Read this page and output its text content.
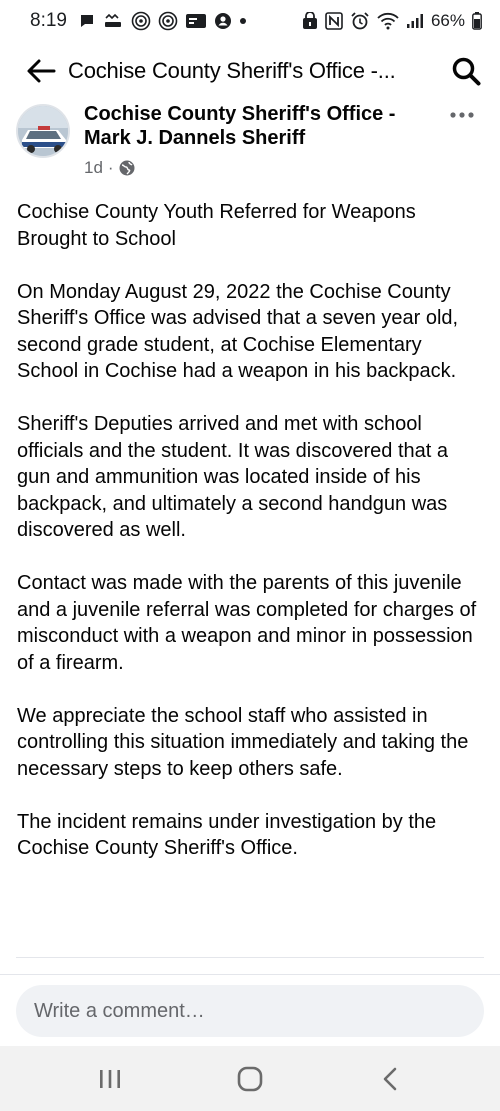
8:19	66%
Cochise County Sheriff's Office -...
Cochise County Sheriff's Office - Mark J. Dannels Sheriff
1d ·

Cochise County Youth Referred for Weapons Brought to School

On Monday August 29, 2022 the Cochise County Sheriff's Office was advised that a seven year old, second grade student, at Cochise Elementary School in Cochise had a weapon in his backpack.

Sheriff's Deputies arrived and met with school officials and the student. It was discovered that a gun and ammunition was located inside of his backpack, and ultimately a second handgun was discovered as well.

Contact was made with the parents of this juvenile and a juvenile referral was completed for charges of misconduct with a weapon and minor in possession of a firearm.

We appreciate the school staff who assisted in controlling this situation immediately and taking the necessary steps to keep others safe.

The incident remains under investigation by the Cochise County Sheriff's Office.

Write a comment…
